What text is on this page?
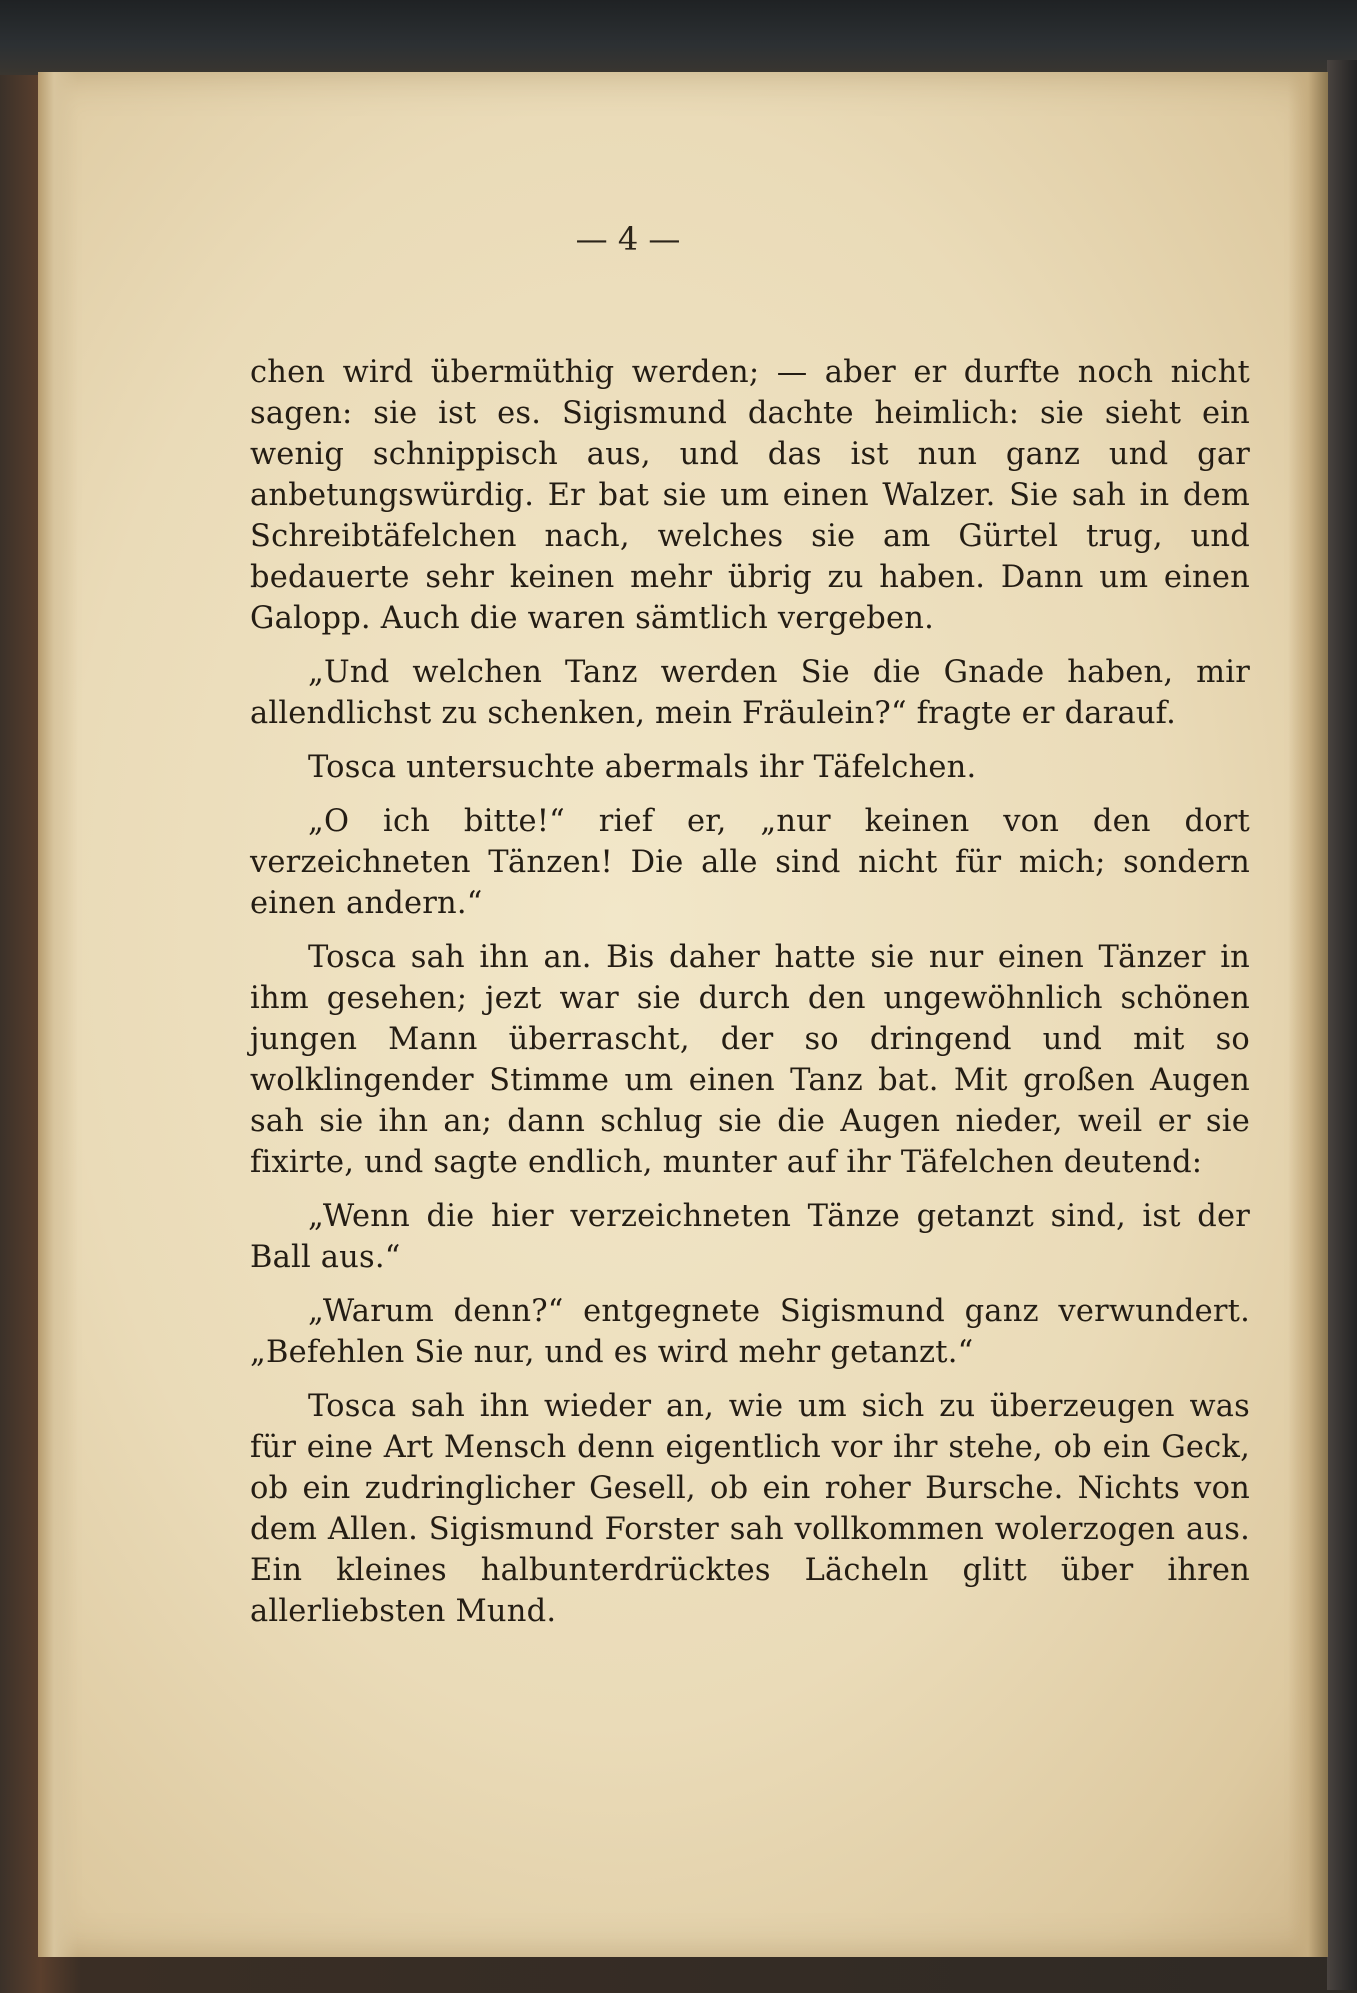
— 4 —

chen wird übermüthig werden; — aber er durfte noch nicht sagen: sie ist es. Sigismund dachte heimlich: sie sieht ein wenig schnippisch aus, und das ist nun ganz und gar anbetungswürdig. Er bat sie um einen Walzer. Sie sah in dem Schreibtäfelchen nach, welches sie am Gürtel trug, und bedauerte sehr keinen mehr übrig zu haben. Dann um einen Galopp. Auch die waren sämtlich vergeben.

„Und welchen Tanz werden Sie die Gnade haben, mir allendlichst zu schenken, mein Fräulein?“ fragte er darauf.

Tosca untersuchte abermals ihr Täfelchen.

„O ich bitte!“ rief er, „nur keinen von den dort verzeichneten Tänzen! Die alle sind nicht für mich; sondern einen andern.“

Tosca sah ihn an. Bis daher hatte sie nur einen Tänzer in ihm gesehen; jezt war sie durch den ungewöhnlich schönen jungen Mann überrascht, der so dringend und mit so wolklingender Stimme um einen Tanz bat. Mit großen Augen sah sie ihn an; dann schlug sie die Augen nieder, weil er sie fixirte, und sagte endlich, munter auf ihr Täfelchen deutend:

„Wenn die hier verzeichneten Tänze getanzt sind, ist der Ball aus.“

„Warum denn?“ entgegnete Sigismund ganz verwundert. „Befehlen Sie nur, und es wird mehr getanzt.“

Tosca sah ihn wieder an, wie um sich zu überzeugen was für eine Art Mensch denn eigentlich vor ihr stehe, ob ein Geck, ob ein zudringlicher Gesell, ob ein roher Bursche. Nichts von dem Allen. Sigismund Forster sah vollkommen wolerzogen aus. Ein kleines halbunterdrücktes Lächeln glitt über ihren allerliebsten Mund.
